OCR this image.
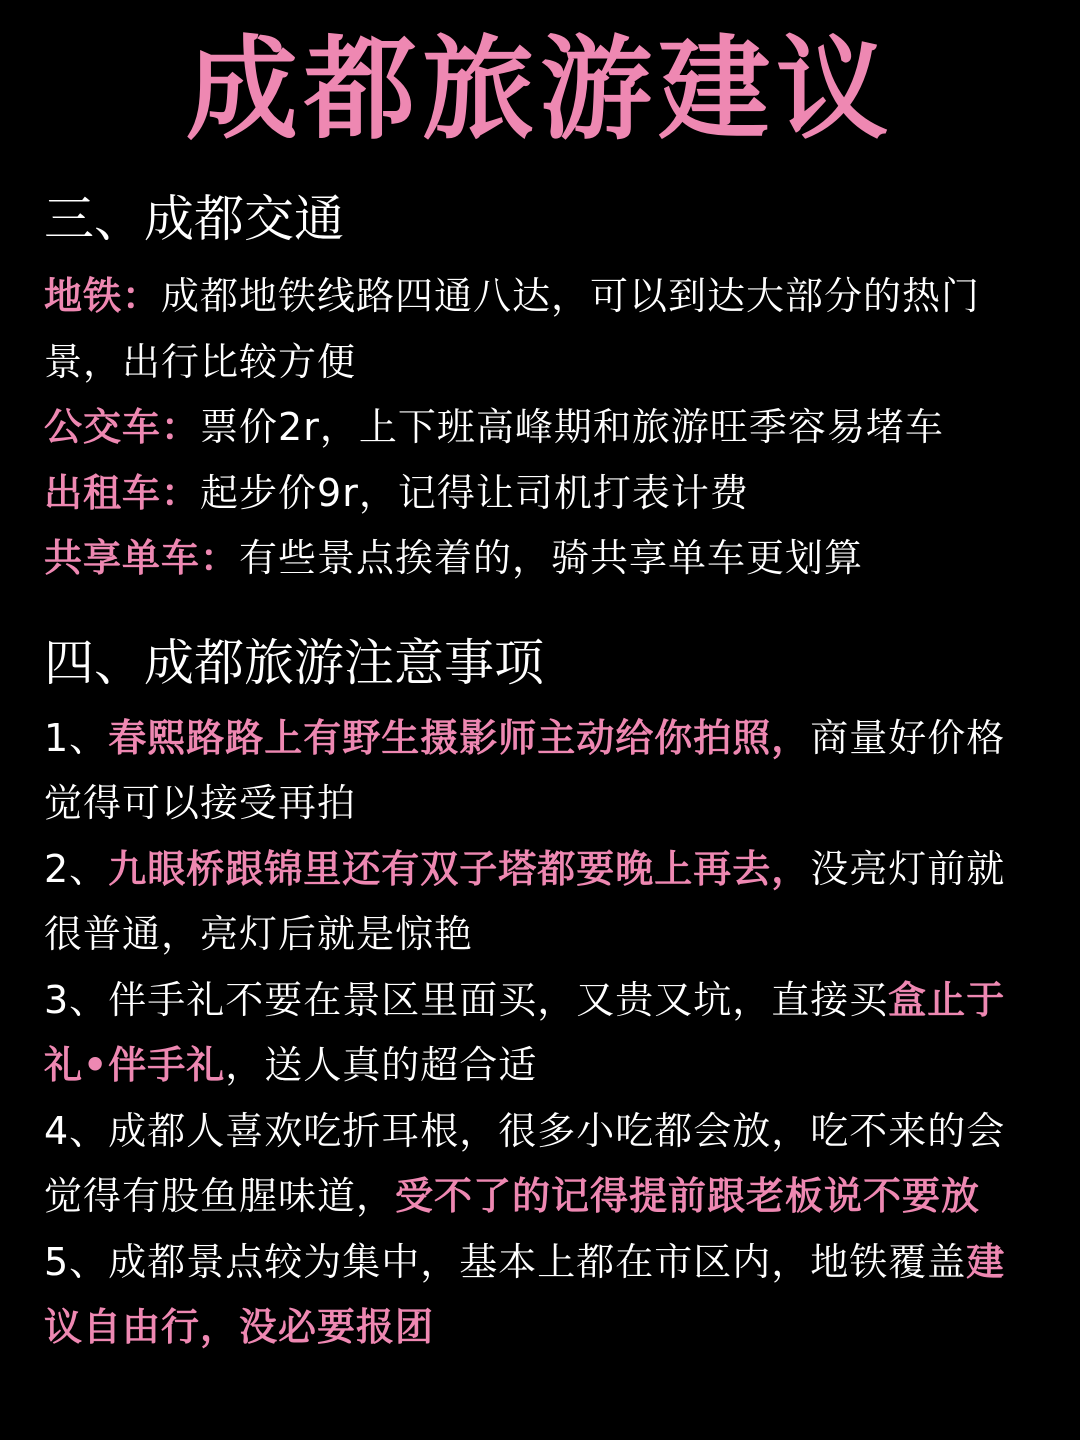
成都旅游建议
三、成都交通
地铁：成都地铁线路四通八达，可以到达大部分的热门景，出行比较方便
公交车：票价2r，上下班高峰期和旅游旺季容易堵车
出租车：起步价9r，记得让司机打表计费
共享单车：有些景点挨着的，骑共享单车更划算
四、成都旅游注意事项
1、春熙路路上有野生摄影师主动给你拍照，商量好价格觉得可以接受再拍
2、九眼桥跟锦里还有双子塔都要晚上再去，没亮灯前就很普通，亮灯后就是惊艳
3、伴手礼不要在景区里面买，又贵又坑，直接买盒止于礼•伴手礼，送人真的超合适
4、成都人喜欢吃折耳根，很多小吃都会放，吃不来的会觉得有股鱼腥味道，受不了的记得提前跟老板说不要放
5、成都景点较为集中，基本上都在市区内，地铁覆盖建议自由行，没必要报团
